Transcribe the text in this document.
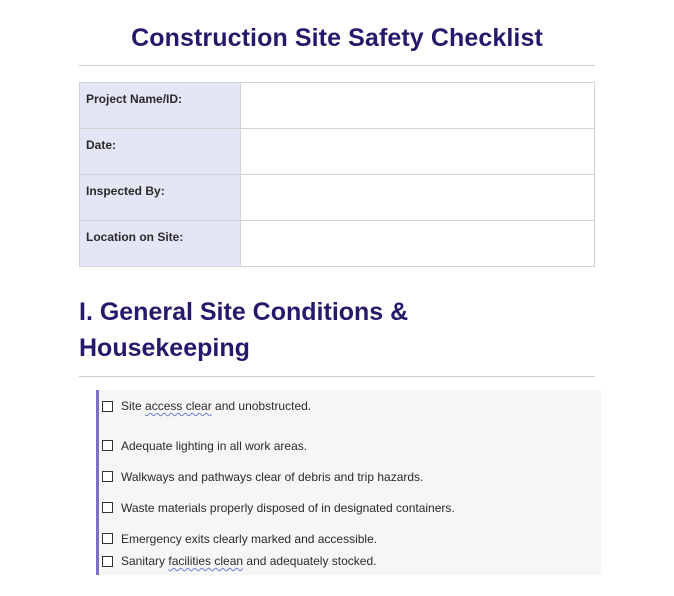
Construction Site Safety Checklist
Project Name/ID:	
Date:	
Inspected By:	
Location on Site:	
I. General Site Conditions & Housekeeping
Site access clear and unobstructed.
Adequate lighting in all work areas.
Walkways and pathways clear of debris and trip hazards.
Waste materials properly disposed of in designated containers.
Emergency exits clearly marked and accessible.
Sanitary facilities clean and adequately stocked.
